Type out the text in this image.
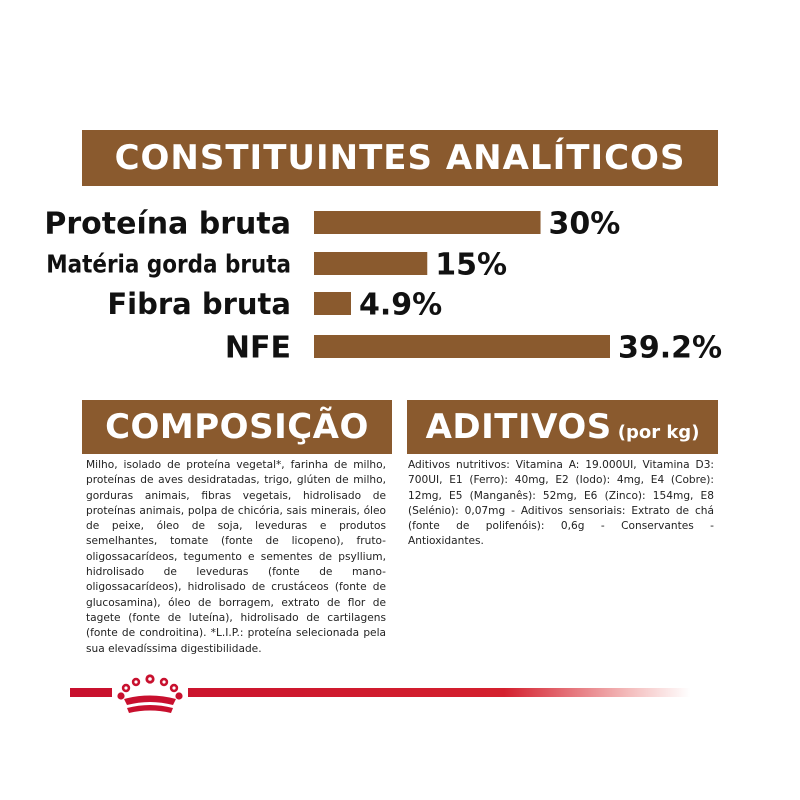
CONSTITUINTES ANALÍTICOS
Proteína bruta	30%
Matéria gorda bruta	15%
Fibra bruta 4.9%
NFE	39.2%
COMPOSIÇÃO ADITIVOS (por kg)
Milho, isolado de proteína vegetal*, farinha de milho, proteínas de aves desidratadas, trigo, glúten de milho, gorduras animais, fibras vegetais, hidrolisado de proteínas animais, polpa de chicória, sais minerais, óleo de peixe, óleo de soja, leveduras e produtos semelhantes, tomate (fonte de licopeno), fruto-oligossacarídeos, tegumento e sementes de psyllium, hidrolisado de leveduras (fonte de mano-oligossacarídeos), hidrolisado de crustáceos (fonte de glucosamina), óleo de borragem, extrato de flor de tagete (fonte de luteína), hidrolisado de cartilagens (fonte de condroitina). *L.I.P.: proteína selecionada pela sua elevadíssima digestibilidade.
Aditivos nutritivos: Vitamina A: 19.000UI, Vitamina D3: 700UI, E1 (Ferro): 40mg, E2 (Iodo): 4mg, E4 (Cobre): 12mg, E5 (Manganês): 52mg, E6 (Zinco): 154mg, E8 (Selénio): 0,07mg - Aditivos sensoriais: Extrato de chá (fonte de polifenóis): 0,6g - Conservantes - Antioxidantes.
